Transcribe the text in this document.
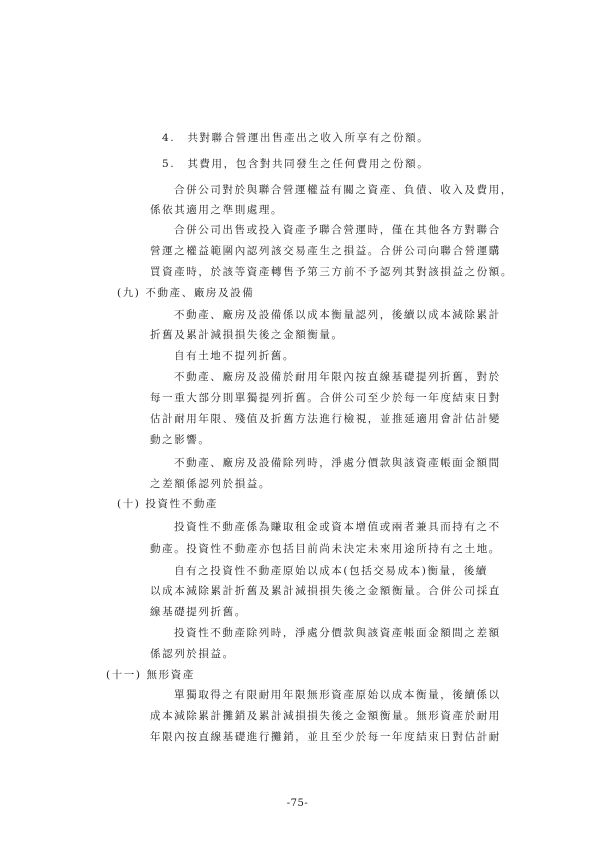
4.　共對聯合營運出售產出之收入所享有之份額。
5.　其費用，包含對共同發生之任何費用之份額。
合併公司對於與聯合營運權益有關之資產、負債、收入及費用，
係依其適用之準則處理。
合併公司出售或投入資產予聯合營運時，僅在其他各方對聯合
營運之權益範圍內認列該交易產生之損益。合併公司向聯合營運購
買資產時，於該等資產轉售予第三方前不予認列其對該損益之份額。
(九) 不動產、廠房及設備
不動產、廠房及設備係以成本衡量認列，後續以成本減除累計
折舊及累計減損損失後之金額衡量。
自有土地不提列折舊。
不動產、廠房及設備於耐用年限內按直線基礎提列折舊，對於
每一重大部分則單獨提列折舊。合併公司至少於每一年度結束日對
估計耐用年限、殘值及折舊方法進行檢視，並推延適用會計估計變
動之影響。
不動產、廠房及設備除列時，淨處分價款與該資產帳面金額間
之差額係認列於損益。
(十) 投資性不動產
投資性不動產係為賺取租金或資本增值或兩者兼具而持有之不
動產。投資性不動產亦包括目前尚未決定未來用途所持有之土地。
自有之投資性不動產原始以成本(包括交易成本)衡量，後續
以成本減除累計折舊及累計減損損失後之金額衡量。合併公司採直
線基礎提列折舊。
投資性不動產除列時，淨處分價款與該資產帳面金額間之差額
係認列於損益。
(十一) 無形資產
單獨取得之有限耐用年限無形資產原始以成本衡量，後續係以
成本減除累計攤銷及累計減損損失後之金額衡量。無形資產於耐用
年限內按直線基礎進行攤銷，並且至少於每一年度結束日對估計耐
-75-
